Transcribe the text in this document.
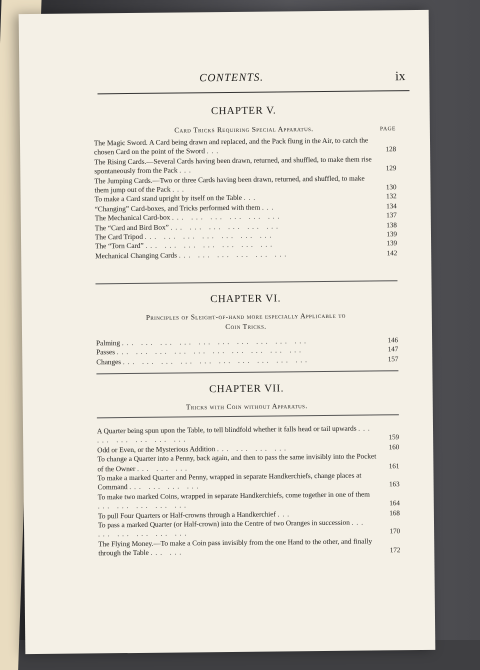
CONTENTS.	ix
CHAPTER V.
Card Tricks Requiring Special Apparatus.	PAGE
The Magic Sword. A Card being drawn and replaced, and the Pack flung in the Air, to catch the chosen Card on the point of the Sword ...	128
The Rising Cards.—Several Cards having been drawn, returned, and shuffled, to make them rise spontaneously from the Pack ...	129
The Jumping Cards.—Two or three Cards having been drawn, returned, and shuffled, to make them jump out of the Pack ...	130
To make a Card stand upright by itself on the Table ...	132
“Changing” Card-boxes, and Tricks performed with them ...	134
The Mechanical Card-box ... ... ... ... ... ...	137
The “Card and Bird Box” ... ... ... ... ... ...	138
The Card Tripod ... ... ... ... ... ... ...	139
The “Torn Card” ... ... ... ... ... ... ...	139
Mechanical Changing Cards ... ... ... ... ... ...	142
CHAPTER VI.
Principles of Sleight-of-hand more especially Applicable to
Coin Tricks.
Palming ... ... ... ... ... ... ... ... ... ...	146
Passes ... ... ... ... ... ... ... ... ... ...	147
Changes ... ... ... ... ... ... ... ... ... ...	157
CHAPTER VII.
Tricks with Coin without Apparatus.
A Quarter being spun upon the Table, to tell blindfold whether it falls head or tail upwards ... ... ... ... ... ...	159
Odd or Even, or the Mysterious Addition ... ... ... ...	160
To change a Quarter into a Penny, back again, and then to pass the same invisibly into the Pocket of the Owner ... ... ...	161
To make a marked Quarter and Penny, wrapped in separate Handkerchiefs, change places at Command ... ... ... ...	163
To make two marked Coins, wrapped in separate Handkerchiefs, come together in one of them ... ... ... ... ...	164
To pull Four Quarters or Half-crowns through a Handkerchief ...	168
To pass a marked Quarter (or Half-crown) into the Centre of two Oranges in succession ... ... ... ... ... ...	170
The Flying Money.—To make a Coin pass invisibly from the one Hand to the other, and finally through the Table ... ...	172
